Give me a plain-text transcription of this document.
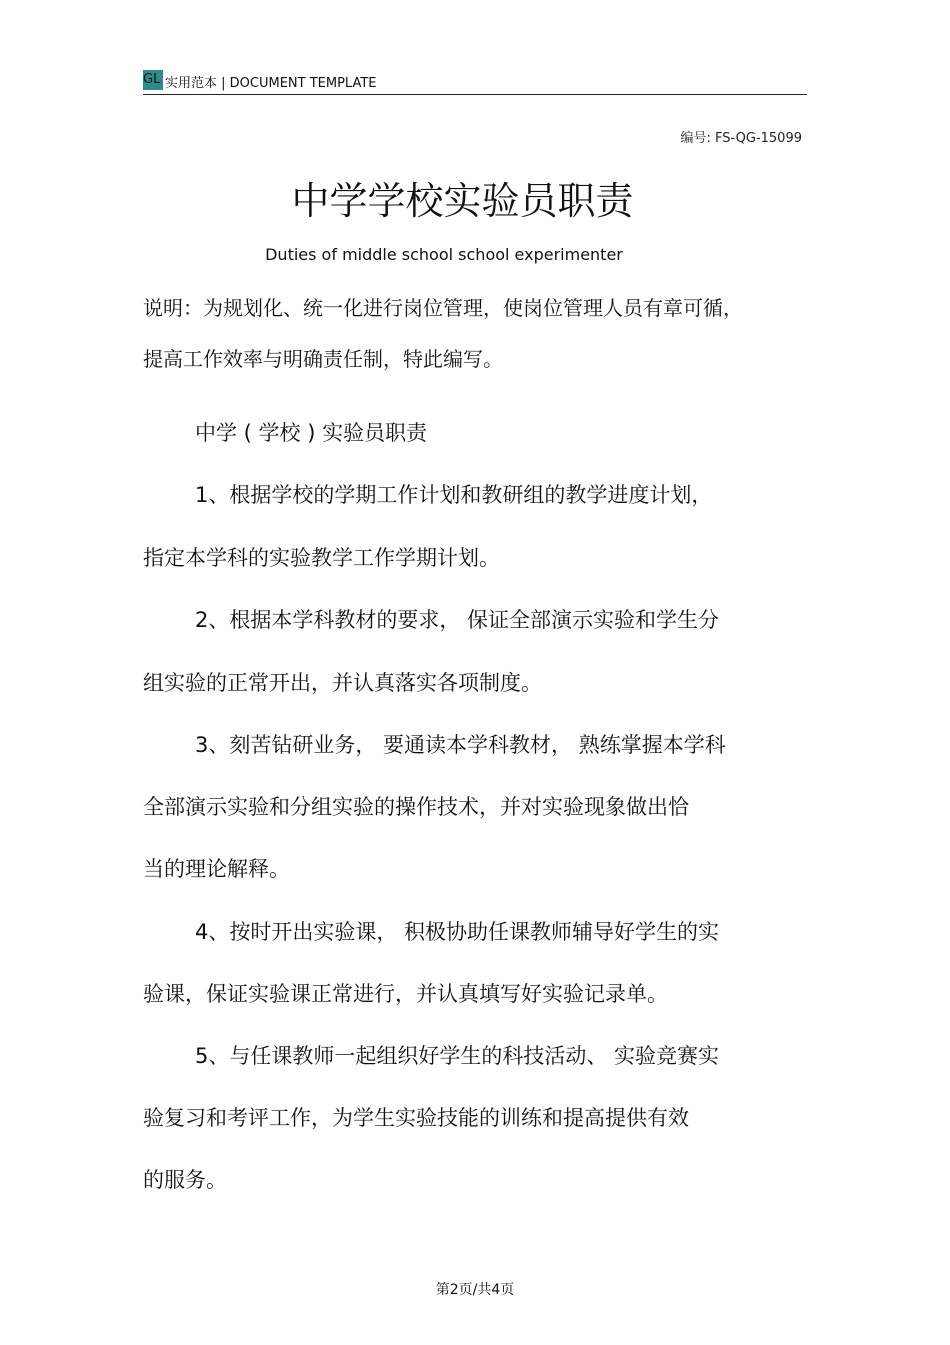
GL 实用范本 | DOCUMENT TEMPLATE
编号: FS-QG-15099
中学学校实验员职责
Duties of middle school school experimenter
说明：为规划化、统一化进行岗位管理，使岗位管理人员有章可循，
提高工作效率与明确责任制，特此编写。
中学 ( 学校 ) 实验员职责
1、根据学校的学期工作计划和教研组的教学进度计划，
指定本学科的实验教学工作学期计划。
2、根据本学科教材的要求， 保证全部演示实验和学生分
组实验的正常开出，并认真落实各项制度。
3、刻苦钻研业务， 要通读本学科教材， 熟练掌握本学科
全部演示实验和分组实验的操作技术，并对实验现象做出恰
当的理论解释。
4、按时开出实验课， 积极协助任课教师辅导好学生的实
验课，保证实验课正常进行，并认真填写好实验记录单。
5、与任课教师一起组织好学生的科技活动、 实验竞赛实
验复习和考评工作，为学生实验技能的训练和提高提供有效
的服务。
第2页/共4页
